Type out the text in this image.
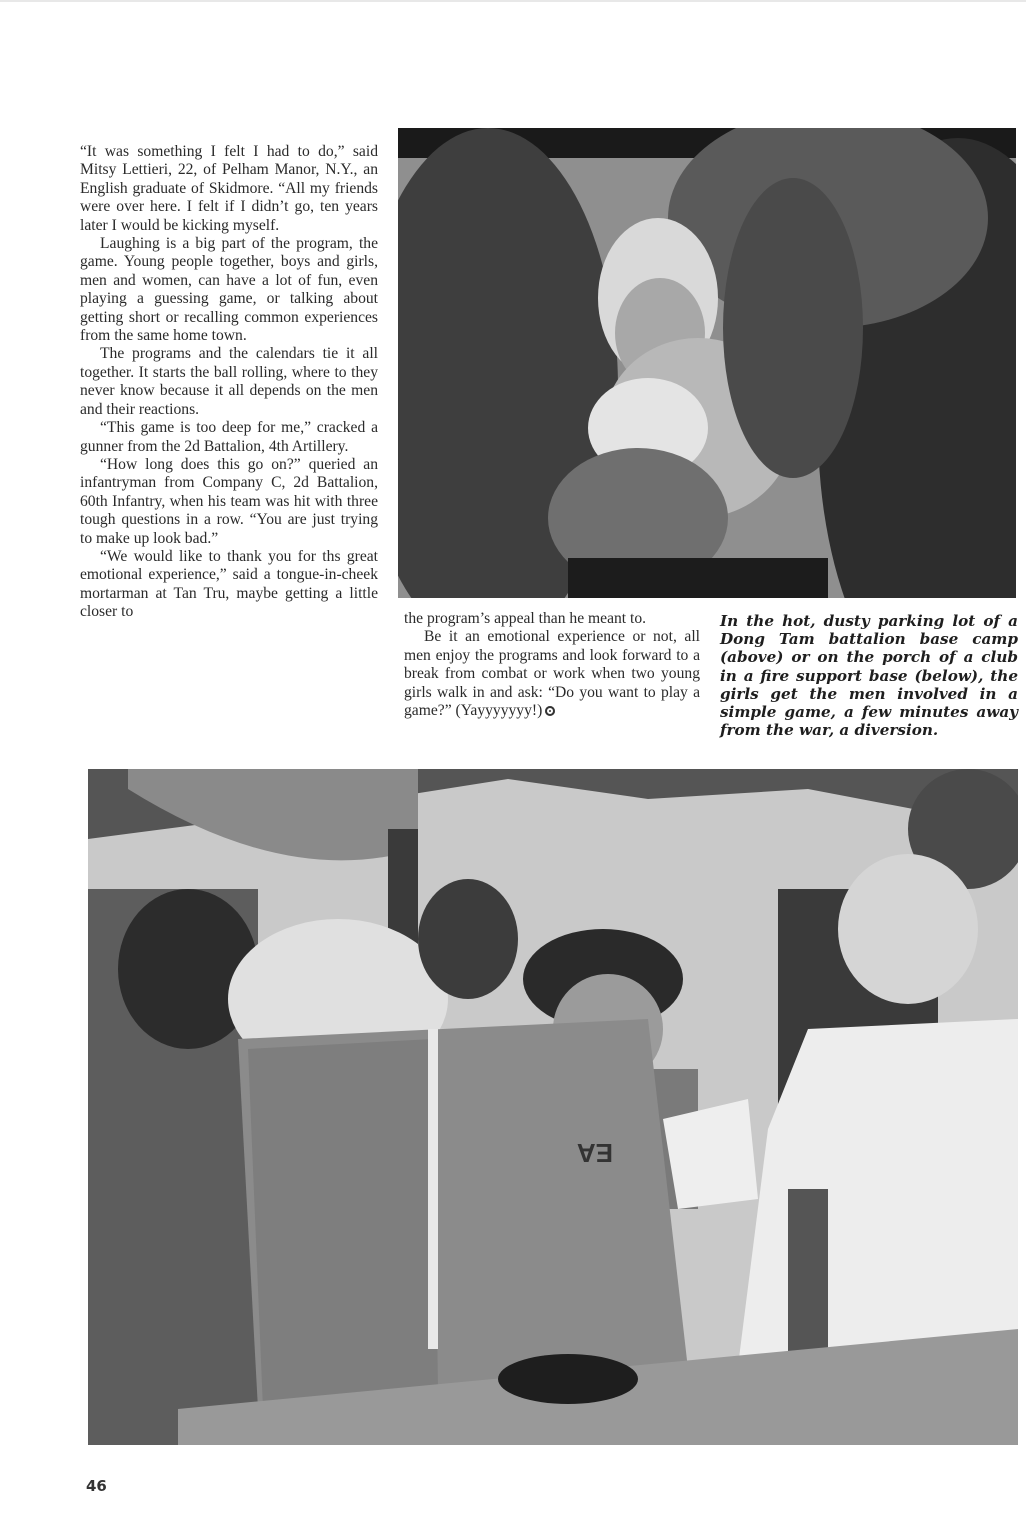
“It was something I felt I had to do,” said Mitsy Lettieri, 22, of Pelham Manor, N.Y., an English graduate of Skidmore. “All my friends were over here. I felt if I didn’t go, ten years later I would be kicking myself.

Laughing is a big part of the program, the game. Young people together, boys and girls, men and women, can have a lot of fun, even playing a guessing game, or talking about getting short or recalling common experiences from the same home town.

The programs and the calendars tie it all together. It starts the ball rolling, where to they never know because it all depends on the men and their reactions.

“This game is too deep for me,” cracked a gunner from the 2d Battalion, 4th Artillery.

“How long does this go on?” queried an infantryman from Company C, 2d Battalion, 60th Infantry, when his team was hit with three tough questions in a row. “You are just trying to make up look bad.”

“We would like to thank you for ths great emotional experience,” said a tongue-in-cheek mortarman at Tan Tru, maybe getting a little closer to	the program’s appeal than he meant to.

Be it an emotional experience or not, all men enjoy the programs and look forward to a break from combat or work when two young girls walk in and ask: “Do you want to play a game?” (Yayyyyyyy!)

In the hot, dusty parking lot of a Dong Tam battalion base camp (above) or on the porch of a club in a fire support base (below), the girls get the men involved in a simple game, a few minutes away from the war, a diversion.
EA
46
